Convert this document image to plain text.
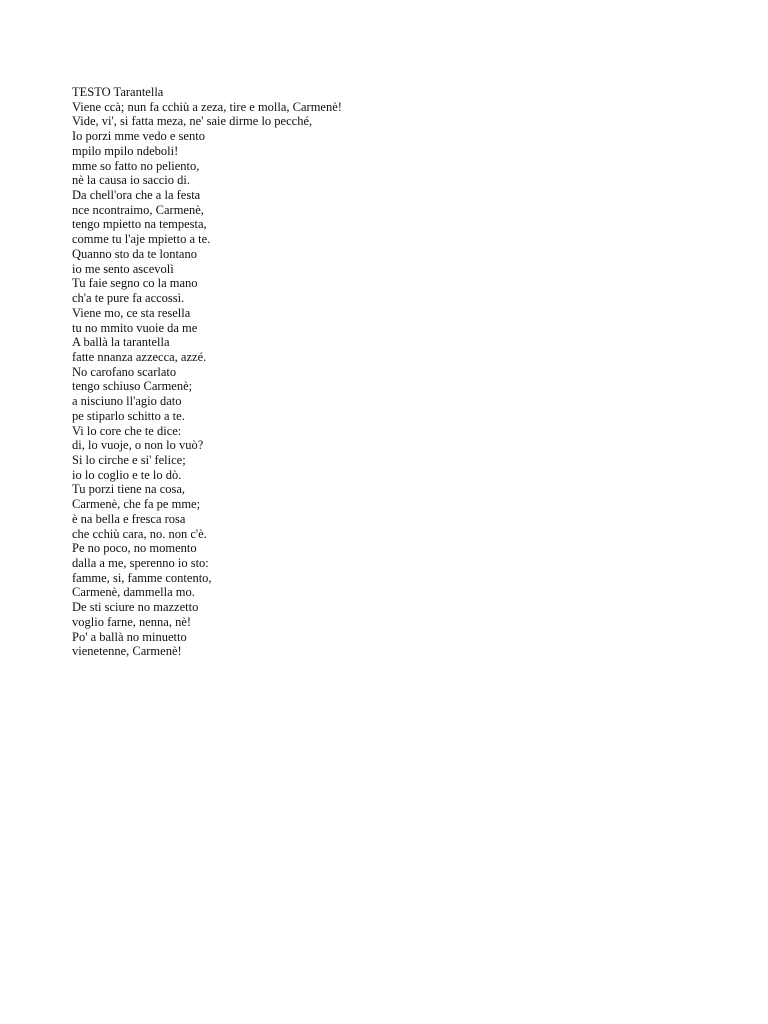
TESTO Tarantella
Viene ccà; nun fa cchiù a zeza, tire e molla, Carmenè!
Vide, vi', si fatta meza, ne' saie dirme lo pecché,
Io porzi mme vedo e sento
mpilo mpilo ndeboli!
mme so fatto no peliento,
nè la causa io saccio di.
Da chell'ora che a la festa
nce ncontraimo, Carmenè,
tengo mpietto na tempesta,
comme tu l'aje mpietto a te.
Quanno sto da te lontano
io me sento ascevolì
Tu faie segno co la mano
ch'a te pure fa accossì.
Viene mo, ce sta resella
tu no mmito vuoie da me
A ballà la tarantella
fatte nnanza azzecca, azzé.
No carofano scarlato
tengo schiuso Carmenè;
a nisciuno ll'agio dato
pe stiparlo schitto a te.
Vi lo core che te dice:
di, lo vuoje, o non lo vuò?
Si lo cirche e si' felice;
io lo coglio e te lo dò.
Tu porzi tiene na cosa,
Carmenè, che fa pe mme;
è na bella e fresca rosa
che cchiù cara, no. non c'è.
Pe no poco, no momento
dalla a me, sperenno io sto:
famme, si, famme contento,
Carmenè, dammella mo.
De sti sciure no mazzetto
voglio farne, nenna, nè!
Po' a ballà no minuetto
vienetenne, Carmenè!
